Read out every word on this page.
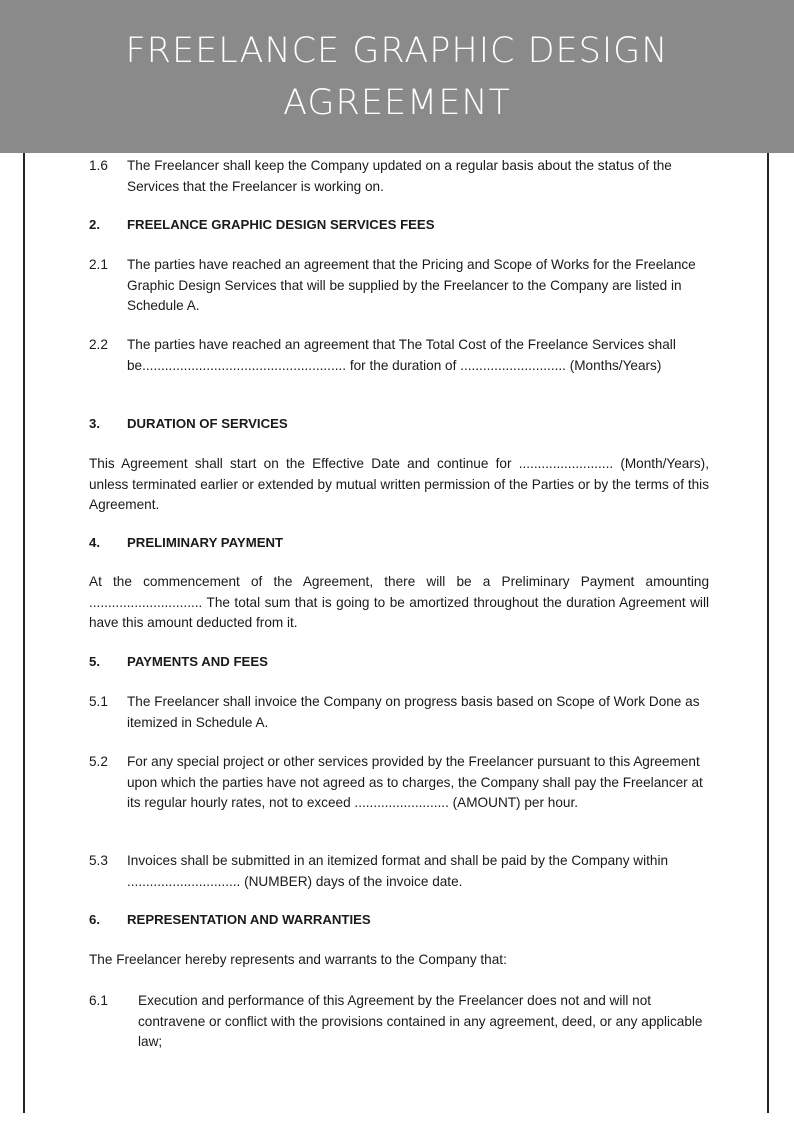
FREELANCE GRAPHIC DESIGN
AGREEMENT
1.6 The Freelancer shall keep the Company updated on a regular basis about the status of the Services that the Freelancer is working on.
2. FREELANCE GRAPHIC DESIGN SERVICES FEES
2.1 The parties have reached an agreement that the Pricing and Scope of Works for the Freelance Graphic Design Services that will be supplied by the Freelancer to the Company are listed in Schedule A.
2.2 The parties have reached an agreement that The Total Cost of the Freelance Services shall be...................................................... for the duration of ............................ (Months/Years)
3. DURATION OF SERVICES
This Agreement shall start on the Effective Date and continue for ......................... (Month/Years), unless terminated earlier or extended by mutual written permission of the Parties or by the terms of this Agreement.
4. PRELIMINARY PAYMENT
At the commencement of the Agreement, there will be a Preliminary Payment amounting .............................. The total sum that is going to be amortized throughout the duration Agreement will have this amount deducted from it.
5. PAYMENTS AND FEES
5.1 The Freelancer shall invoice the Company on progress basis based on Scope of Work Done as itemized in Schedule A.
5.2 For any special project or other services provided by the Freelancer pursuant to this Agreement upon which the parties have not agreed as to charges, the Company shall pay the Freelancer at its regular hourly rates, not to exceed ......................... (AMOUNT) per hour.
5.3 Invoices shall be submitted in an itemized format and shall be paid by the Company within .............................. (NUMBER) days of the invoice date.
6. REPRESENTATION AND WARRANTIES
The Freelancer hereby represents and warrants to the Company that:
6.1 Execution and performance of this Agreement by the Freelancer does not and will not contravene or conflict with the provisions contained in any agreement, deed, or any applicable law;
